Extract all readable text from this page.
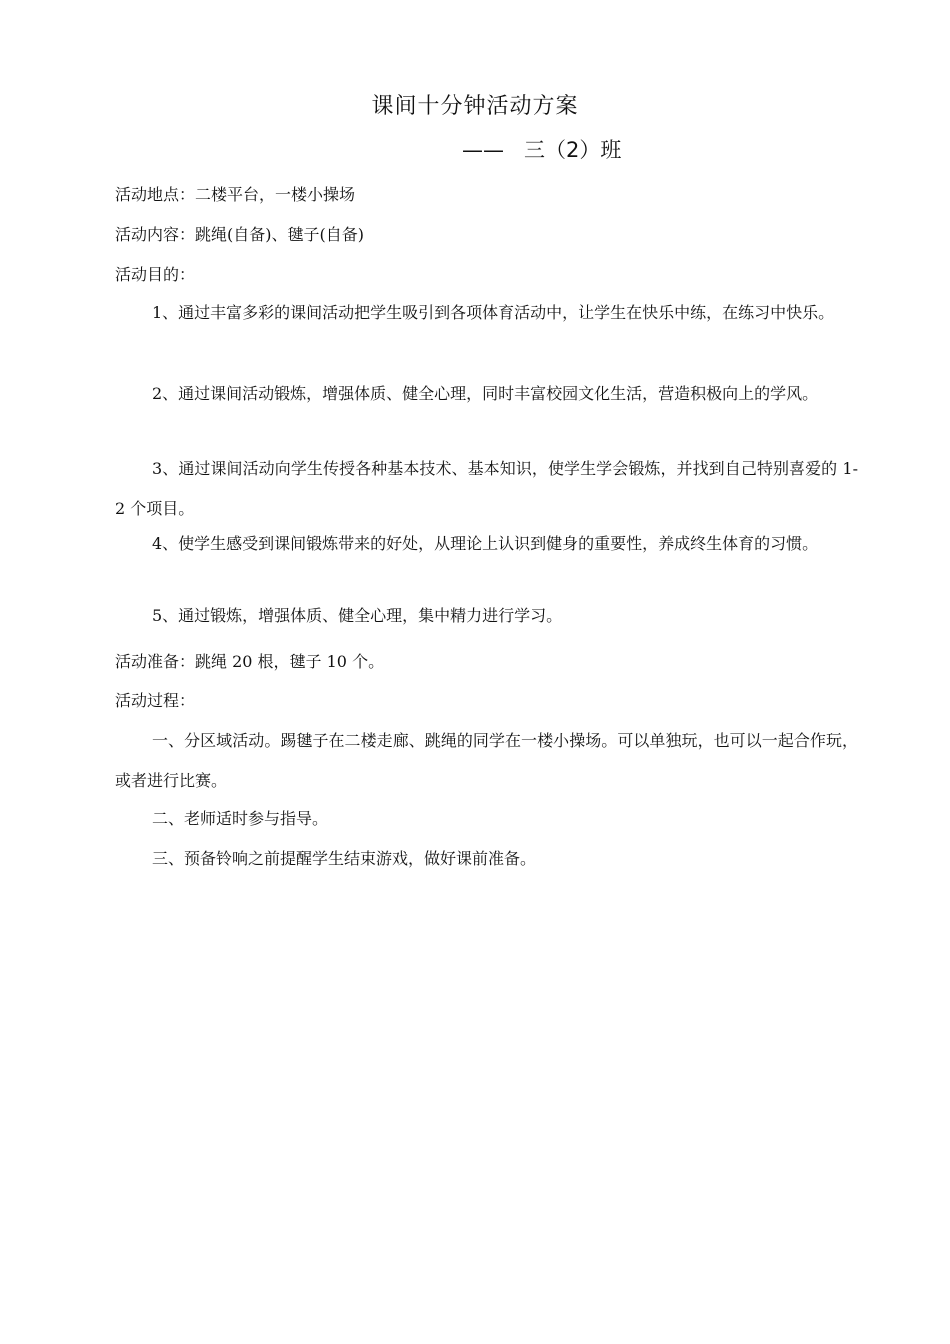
课间十分钟活动方案
——   三（2）班
活动地点：二楼平台，一楼小操场
活动内容：跳绳(自备)、毽子(自备)
活动目的：
1、通过丰富多彩的课间活动把学生吸引到各项体育活动中，让学生在快乐中练，在练习中快乐。
2、通过课间活动锻炼，增强体质、健全心理，同时丰富校园文化生活，营造积极向上的学风。
3、通过课间活动向学生传授各种基本技术、基本知识，使学生学会锻炼，并找到自己特别喜爱的 1-2 个项目。
4、使学生感受到课间锻炼带来的好处，从理论上认识到健身的重要性，养成终生体育的习惯。
5、通过锻炼，增强体质、健全心理，集中精力进行学习。
活动准备：跳绳 20 根，毽子 10 个。
活动过程：
一、分区域活动。踢毽子在二楼走廊、跳绳的同学在一楼小操场。可以单独玩，也可以一起合作玩，或者进行比赛。
二、老师适时参与指导。
三、预备铃响之前提醒学生结束游戏，做好课前准备。
